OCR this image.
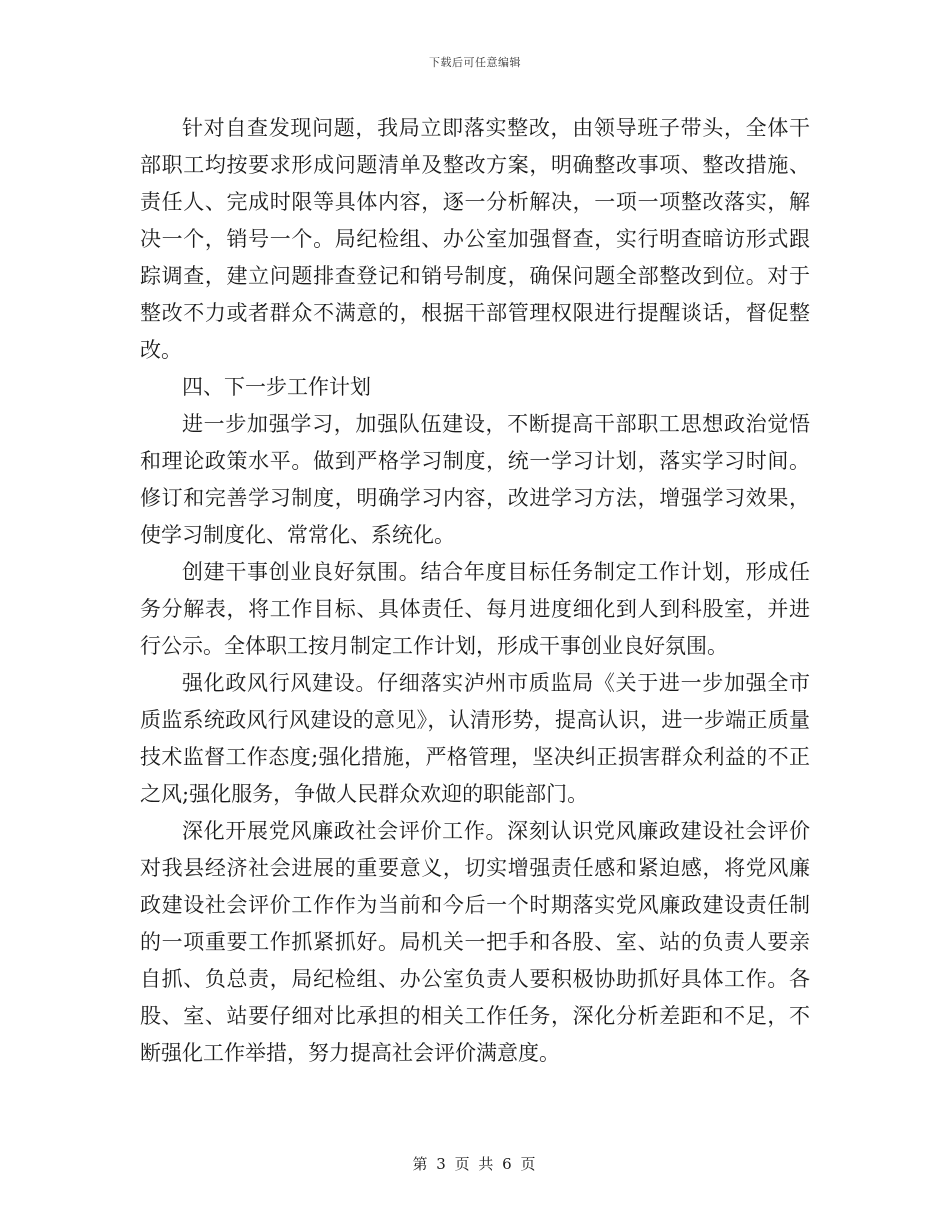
下载后可任意编辑

针对自查发现问题，我局立即落实整改，由领导班子带头，全体干部职工均按要求形成问题清单及整改方案，明确整改事项、整改措施、责任人、完成时限等具体内容，逐一分析解决，一项一项整改落实，解决一个，销号一个。局纪检组、办公室加强督查，实行明查暗访形式跟踪调查，建立问题排查登记和销号制度，确保问题全部整改到位。对于整改不力或者群众不满意的，根据干部管理权限进行提醒谈话，督促整改。

四、下一步工作计划

进一步加强学习，加强队伍建设，不断提高干部职工思想政治觉悟和理论政策水平。做到严格学习制度，统一学习计划，落实学习时间。修订和完善学习制度，明确学习内容，改进学习方法，增强学习效果，使学习制度化、常常化、系统化。

创建干事创业良好氛围。结合年度目标任务制定工作计划，形成任务分解表，将工作目标、具体责任、每月进度细化到人到科股室，并进行公示。全体职工按月制定工作计划，形成干事创业良好氛围。

强化政风行风建设。仔细落实泸州市质监局《关于进一步加强全市质监系统政风行风建设的意见》，认清形势，提高认识，进一步端正质量技术监督工作态度;强化措施，严格管理，坚决纠正损害群众利益的不正之风;强化服务，争做人民群众欢迎的职能部门。

深化开展党风廉政社会评价工作。深刻认识党风廉政建设社会评价对我县经济社会进展的重要意义，切实增强责任感和紧迫感，将党风廉政建设社会评价工作作为当前和今后一个时期落实党风廉政建设责任制的一项重要工作抓紧抓好。局机关一把手和各股、室、站的负责人要亲自抓、负总责，局纪检组、办公室负责人要积极协助抓好具体工作。各股、室、站要仔细对比承担的相关工作任务，深化分析差距和不足，不断强化工作举措，努力提高社会评价满意度。

第 3 页 共 6 页
